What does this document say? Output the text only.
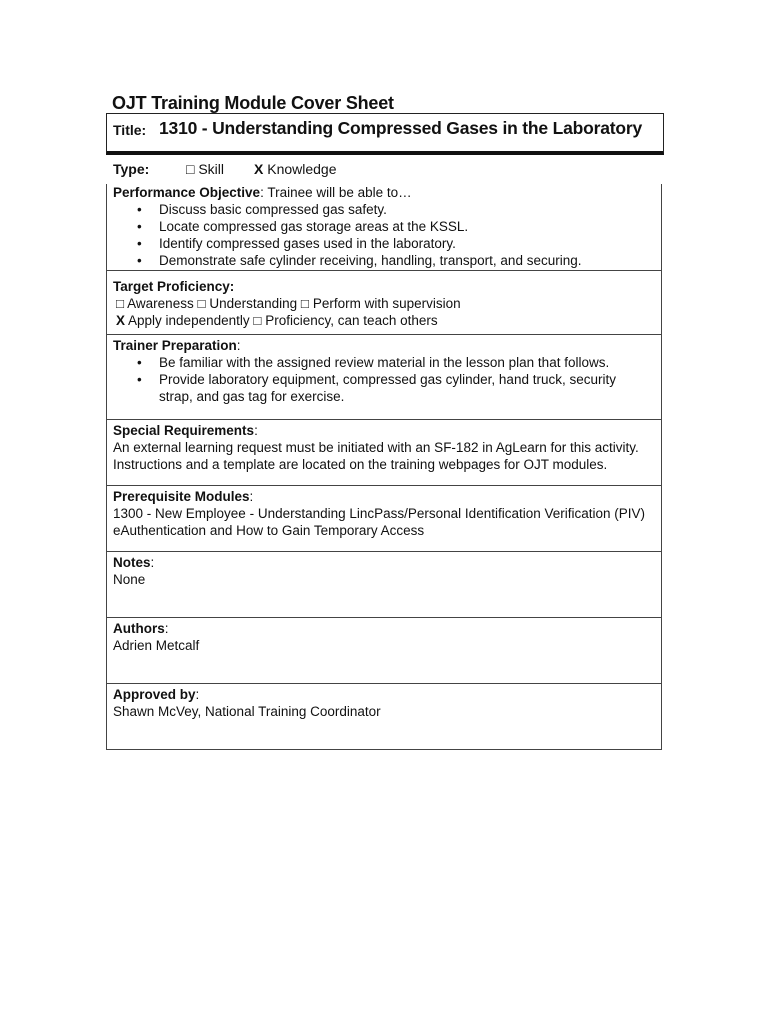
OJT Training Module Cover Sheet
Title: 1310 - Understanding Compressed Gases in the Laboratory
Type:	□ Skill X Knowledge
Performance Objective: Trainee will be able to…
• Discuss basic compressed gas safety.
• Locate compressed gas storage areas at the KSSL.
• Identify compressed gases used in the laboratory.
• Demonstrate safe cylinder receiving, handling, transport, and securing.
Target Proficiency:
□ Awareness □ Understanding □ Perform with supervision
X Apply independently □ Proficiency, can teach others
Trainer Preparation:
• Be familiar with the assigned review material in the lesson plan that follows.
• Provide laboratory equipment, compressed gas cylinder, hand truck, security strap, and gas tag for exercise.
Special Requirements:
An external learning request must be initiated with an SF-182 in AgLearn for this activity. Instructions and a template are located on the training webpages for OJT modules.
Prerequisite Modules:
1300 - New Employee - Understanding LincPass/Personal Identification Verification (PIV) eAuthentication and How to Gain Temporary Access
Notes:
None
Authors:
Adrien Metcalf
Approved by:
Shawn McVey, National Training Coordinator
